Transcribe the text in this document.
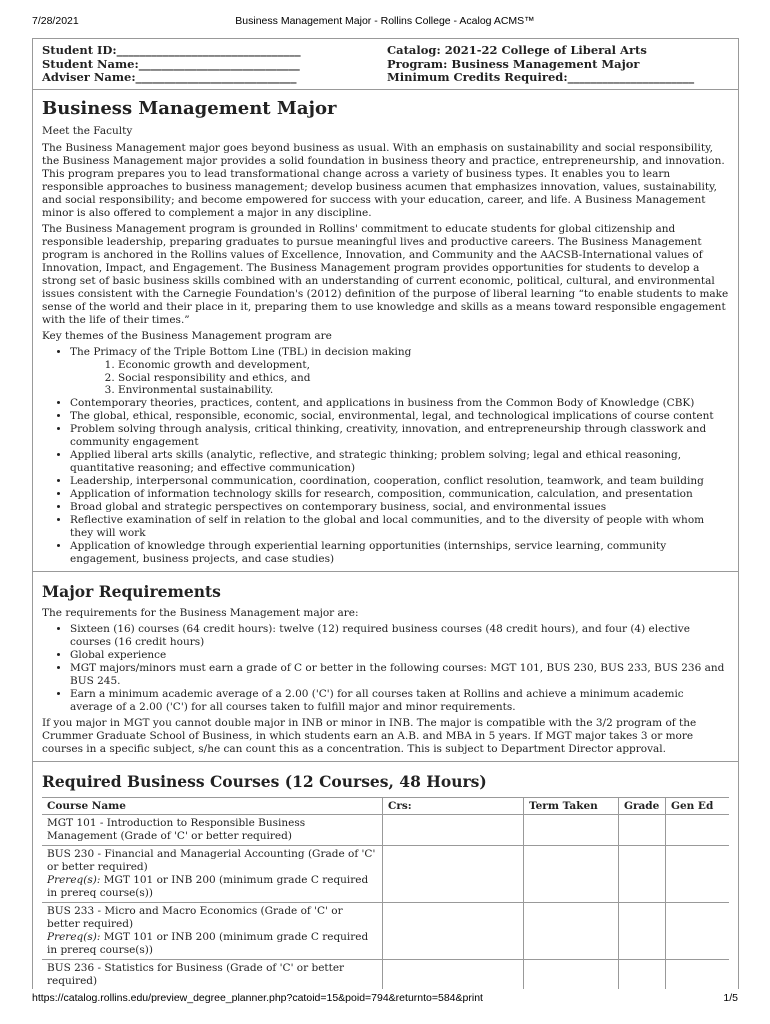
7/28/2021	Business Management Major - Rollins College - Acalog ACMS™
Student ID:________________________________
Student Name:____________________________
Adviser Name:____________________________
Catalog: 2021-22 College of Liberal Arts
Program: Business Management Major
Minimum Credits Required:______________________
Business Management Major
Meet the Faculty

The Business Management major goes beyond business as usual. With an emphasis on sustainability and social responsibility, the Business Management major provides a solid foundation in business theory and practice, entrepreneurship, and innovation. This program prepares you to lead transformational change across a variety of business types. It enables you to learn responsible approaches to business management; develop business acumen that emphasizes innovation, values, sustainability, and social responsibility; and become empowered for success with your education, career, and life. A Business Management minor is also offered to complement a major in any discipline.

The Business Management program is grounded in Rollins' commitment to educate students for global citizenship and responsible leadership, preparing graduates to pursue meaningful lives and productive careers. The Business Management program is anchored in the Rollins values of Excellence, Innovation, and Community and the AACSB-International values of Innovation, Impact, and Engagement. The Business Management program provides opportunities for students to develop a strong set of basic business skills combined with an understanding of current economic, political, cultural, and environmental issues consistent with the Carnegie Foundation's (2012) definition of the purpose of liberal learning “to enable students to make sense of the world and their place in it, preparing them to use knowledge and skills as a means toward responsible engagement with the life of their times.”

Key themes of the Business Management program are

• The Primacy of the Triple Bottom Line (TBL) in decision making
1. Economic growth and development,
2. Social responsibility and ethics, and
3. Environmental sustainability.
• Contemporary theories, practices, content, and applications in business from the Common Body of Knowledge (CBK)
• The global, ethical, responsible, economic, social, environmental, legal, and technological implications of course content
• Problem solving through analysis, critical thinking, creativity, innovation, and entrepreneurship through classwork and community engagement
• Applied liberal arts skills (analytic, reflective, and strategic thinking; problem solving; legal and ethical reasoning, quantitative reasoning; and effective communication)
• Leadership, interpersonal communication, coordination, cooperation, conflict resolution, teamwork, and team building
• Application of information technology skills for research, composition, communication, calculation, and presentation
• Broad global and strategic perspectives on contemporary business, social, and environmental issues
• Reflective examination of self in relation to the global and local communities, and to the diversity of people with whom they will work
• Application of knowledge through experiential learning opportunities (internships, service learning, community engagement, business projects, and case studies)
Major Requirements

The requirements for the Business Management major are:

• Sixteen (16) courses (64 credit hours): twelve (12) required business courses (48 credit hours), and four (4) elective courses (16 credit hours)
• Global experience
• MGT majors/minors must earn a grade of C or better in the following courses: MGT 101, BUS 230, BUS 233, BUS 236 and BUS 245.
• Earn a minimum academic average of a 2.00 ('C') for all courses taken at Rollins and achieve a minimum academic average of a 2.00 ('C') for all courses taken to fulfill major and minor requirements.

If you major in MGT you cannot double major in INB or minor in INB. The major is compatible with the 3/2 program of the Crummer Graduate School of Business, in which students earn an A.B. and MBA in 5 years. If MGT major takes 3 or more courses in a specific subject, s/he can count this as a concentration. This is subject to Department Director approval.

Required Business Courses (12 Courses, 48 Hours)
Course Name	Crs:	Term Taken	Grade	Gen Ed
MGT 101 - Introduction to Responsible Business Management (Grade of 'C' or better required)				
BUS 230 - Financial and Managerial Accounting (Grade of 'C' or better required)
Prereq(s): MGT 101 or INB 200 (minimum grade C required in prereq course(s))				
BUS 233 - Micro and Macro Economics (Grade of 'C' or better required)
Prereq(s): MGT 101 or INB 200 (minimum grade C required in prereq course(s))				
BUS 236 - Statistics for Business (Grade of 'C' or better required)				
https://catalog.rollins.edu/preview_degree_planner.php?catoid=15&poid=794&returnto=584&print	1/5
